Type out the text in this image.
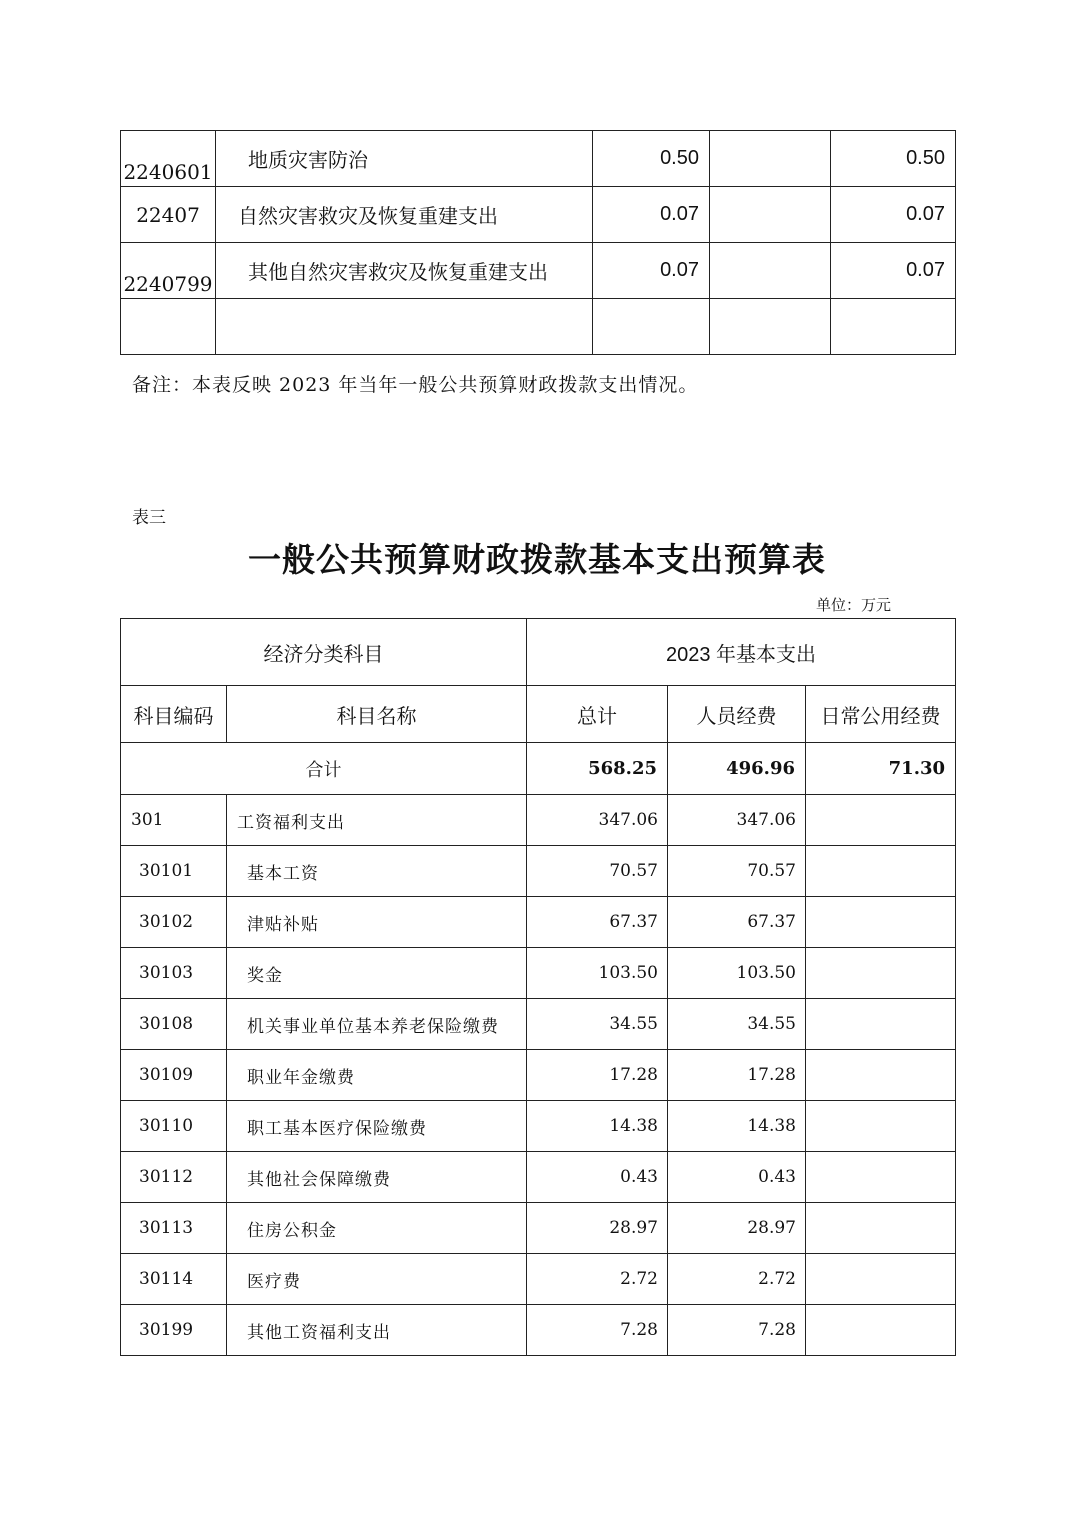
2240601	地质灾害防治	0.50		0.50
22407	自然灾害救灾及恢复重建支出	0.07		0.07
2240799	其他自然灾害救灾及恢复重建支出	0.07		0.07

备注：本表反映 2023 年当年一般公共预算财政拨款支出情况。
表三
一般公共预算财政拨款基本支出预算表
单位：万元
经济分类科目		2023 年基本支出		
科目编码	科目名称	总计	人员经费	日常公用经费
合计		568.25	496.96	71.30
301	工资福利支出	347.06	347.06	
30101	基本工资	70.57	70.57	
30102	津贴补贴	67.37	67.37	
30103	奖金	103.50	103.50	
30108	机关事业单位基本养老保险缴费	34.55	34.55	
30109	职业年金缴费	17.28	17.28	
30110	职工基本医疗保险缴费	14.38	14.38	
30112	其他社会保障缴费	0.43	0.43	
30113	住房公积金	28.97	28.97	
30114	医疗费	2.72	2.72	
30199	其他工资福利支出	7.28	7.28	
